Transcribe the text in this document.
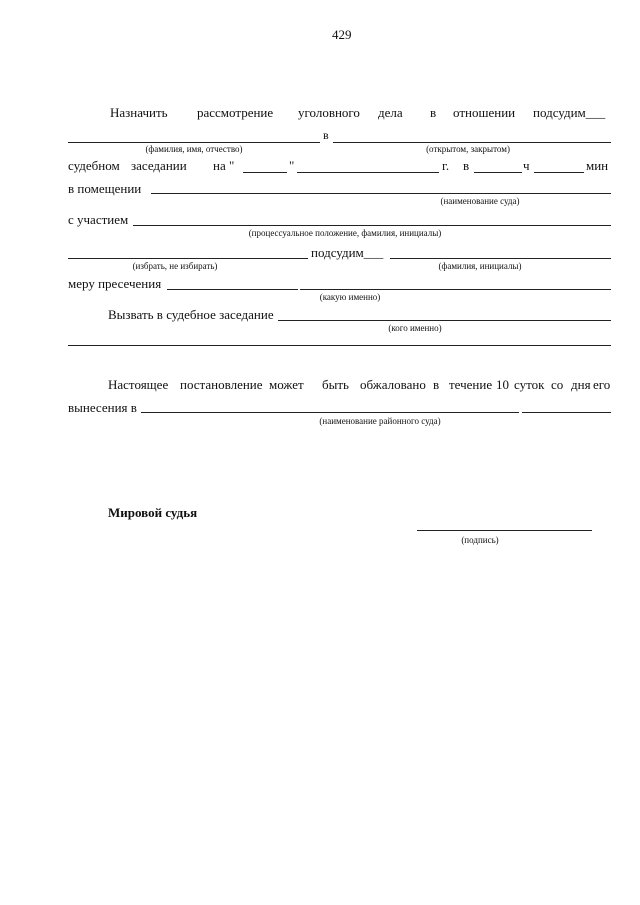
429
Назначить рассмотрение уголовного дела в отношении подсудим___
в
(фамилия, имя, отчество)	(открытом, закрытом)
судебном заседании на "	"	г. в	ч	мин
в помещении
(наименование суда)
с участием
(процессуальное положение, фамилия, инициалы)
подсудим___
(избрать, не избирать)	(фамилия, инициалы)
меру пресечения
(какую именно)
Вызвать в судебное заседание
(кого именно)
Настоящее постановление может быть обжаловано в течение 10 суток со дня его
вынесения в
(наименование районного суда)
Мировой судья
(подпись)
